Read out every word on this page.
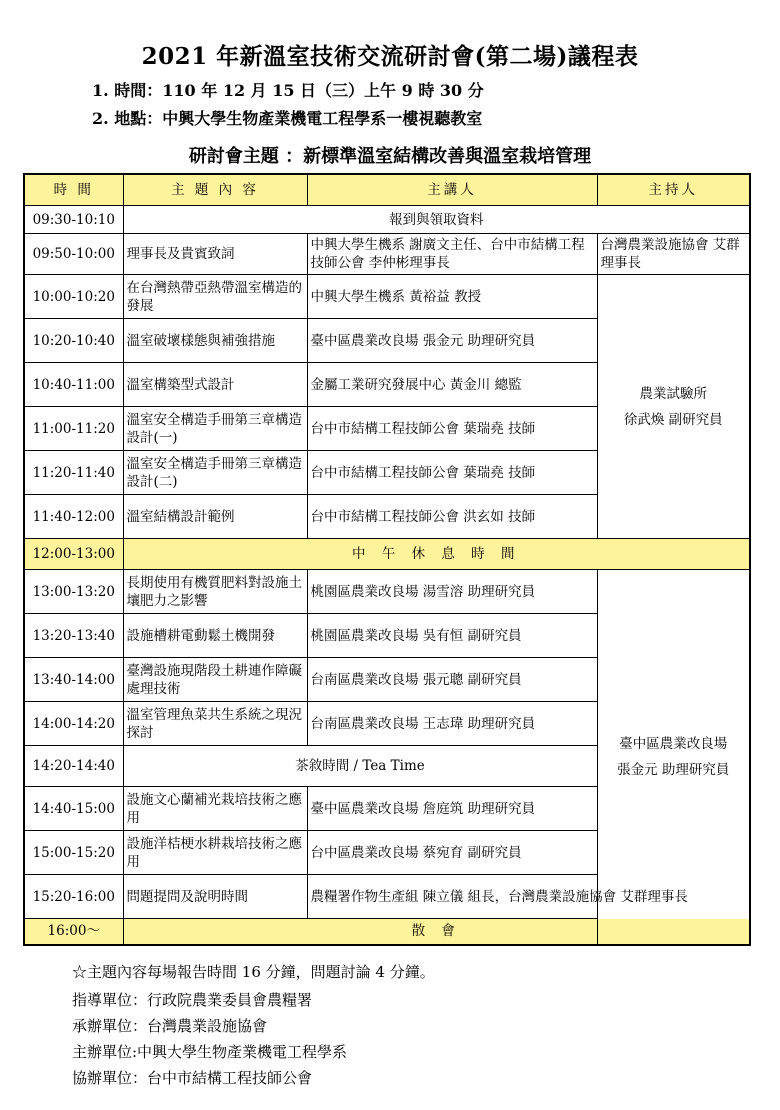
2021 年新溫室技術交流研討會(第二場)議程表
1. 時間：110 年 12 月 15 日（三）上午 9 時 30 分
2. 地點：中興大學生物產業機電工程學系一樓視聽教室
研討會主題 ：新標準溫室結構改善與溫室栽培管理
時 間	主 題 內 容	主講人	主持人
09:30-10:10	報到與領取資料		
09:50-10:00	理事長及貴賓致詞	中興大學生機系 謝廣文主任、台中市結構工程技師公會 李仲彬理事長	台灣農業設施協會 艾群 理事長
10:00-10:20	在台灣熱帶亞熱帶溫室構造的發展	中興大學生機系 黃裕益 教授	農業試驗所
徐武煥 副研究員

10:20-10:40	溫室破壞樣態與補強措施	臺中區農業改良場 張金元 助理研究員	
10:40-11:00	溫室構築型式設計	金屬工業研究發展中心 黃金川 總監	
11:00-11:20	溫室安全構造手冊第三章構造設計(一)	台中市結構工程技師公會 葉瑞堯 技師	
11:20-11:40	溫室安全構造手冊第三章構造設計(二)	台中市結構工程技師公會 葉瑞堯 技師	
11:40-12:00	溫室結構設計範例	台中市結構工程技師公會 洪玄如 技師	
12:00-13:00	中 午 休 息 時 間		
13:00-13:20	長期使用有機質肥料對設施土壤肥力之影響	桃園區農業改良場 湯雪溶 助理研究員	臺中區農業改良場
張金元 助理研究員

13:20-13:40	設施槽耕電動鬆土機開發	桃園區農業改良場 吳有恒 副研究員	
13:40-14:00	臺灣設施現階段土耕連作障礙處理技術	台南區農業改良場 張元聰 副研究員	
14:00-14:20	溫室管理魚菜共生系統之現況探討	台南區農業改良場 王志瑋 助理研究員	
14:20-14:40	茶敘時間 / Tea Time		
14:40-15:00	設施文心蘭補光栽培技術之應用	臺中區農業改良場 詹庭筑 助理研究員	
15:00-15:20	設施洋桔梗水耕栽培技術之應用	台中區農業改良場 蔡宛育 副研究員	
15:20-16:00	問題提問及說明時間	農糧署作物生產組 陳立儀 組長，台灣農業設施協會 艾群理事長	
16:00～	散 會		
☆主題內容每場報告時間 16 分鐘，問題討論 4 分鐘。
指導單位：行政院農業委員會農糧署
承辦單位：台灣農業設施協會
主辦單位:中興大學生物產業機電工程學系
協辦單位：台中市結構工程技師公會
